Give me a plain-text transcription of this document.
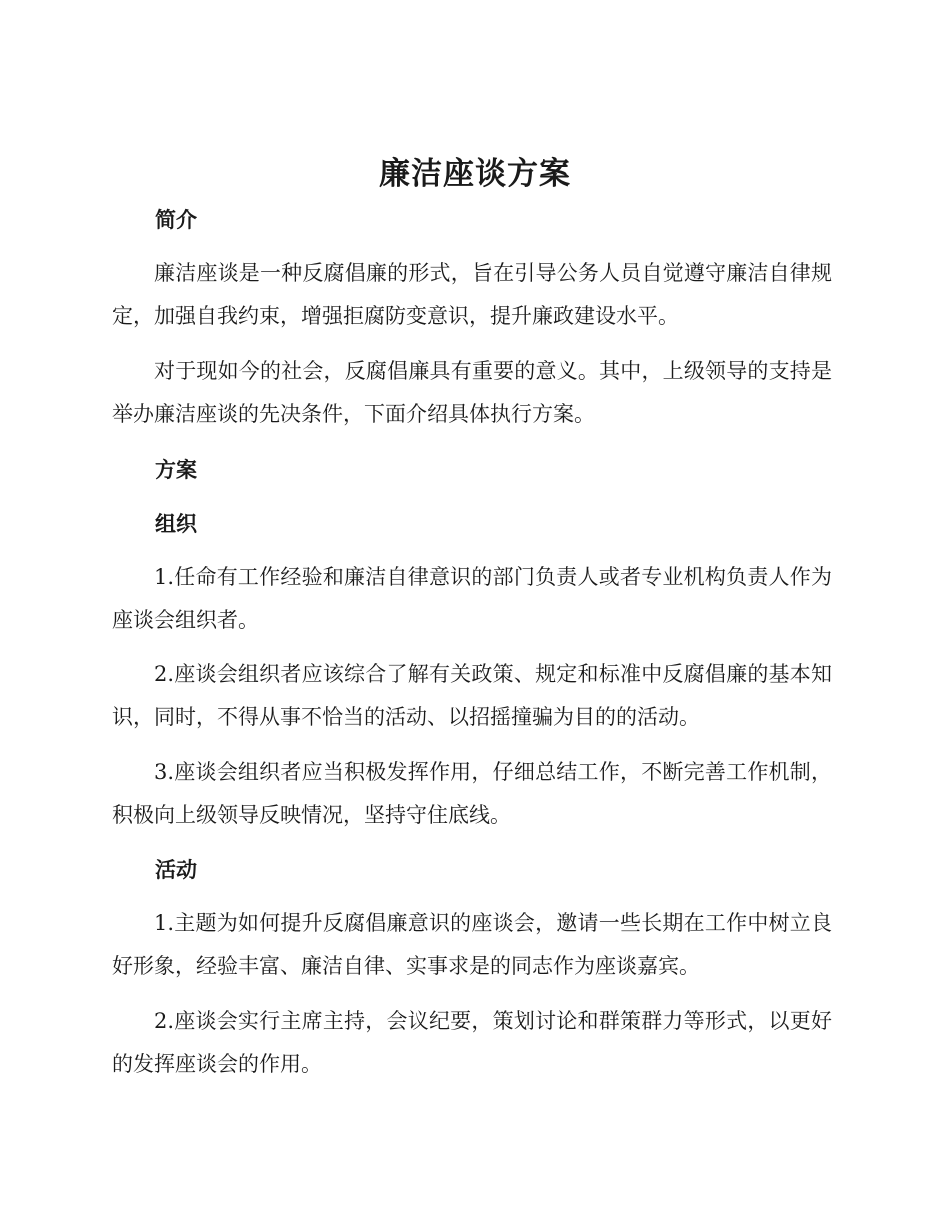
廉洁座谈方案
简介

廉洁座谈是一种反腐倡廉的形式，旨在引导公务人员自觉遵守廉洁自律规定，加强自我约束，增强拒腐防变意识，提升廉政建设水平。

对于现如今的社会，反腐倡廉具有重要的意义。其中，上级领导的支持是举办廉洁座谈的先决条件，下面介绍具体执行方案。

方案
组织

1.任命有工作经验和廉洁自律意识的部门负责人或者专业机构负责人作为座谈会组织者。

2.座谈会组织者应该综合了解有关政策、规定和标准中反腐倡廉的基本知识，同时，不得从事不恰当的活动、以招摇撞骗为目的的活动。

3.座谈会组织者应当积极发挥作用，仔细总结工作，不断完善工作机制，积极向上级领导反映情况，坚持守住底线。

活动

1.主题为如何提升反腐倡廉意识的座谈会，邀请一些长期在工作中树立良好形象，经验丰富、廉洁自律、实事求是的同志作为座谈嘉宾。

2.座谈会实行主席主持，会议纪要，策划讨论和群策群力等形式，以更好的发挥座谈会的作用。
